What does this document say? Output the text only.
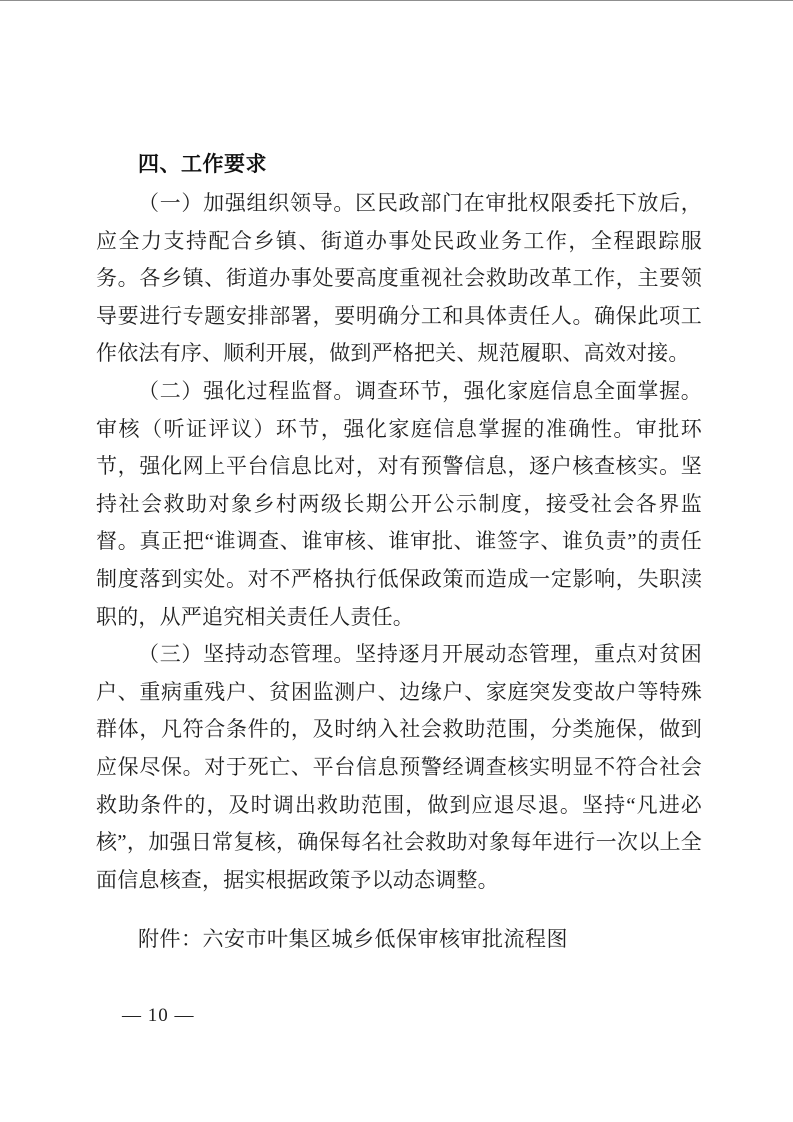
四、工作要求

（一）加强组织领导。区民政部门在审批权限委托下放后，应全力支持配合乡镇、街道办事处民政业务工作，全程跟踪服务。各乡镇、街道办事处要高度重视社会救助改革工作，主要领导要进行专题安排部署，要明确分工和具体责任人。确保此项工作依法有序、顺利开展，做到严格把关、规范履职、高效对接。

（二）强化过程监督。调查环节，强化家庭信息全面掌握。审核（听证评议）环节，强化家庭信息掌握的准确性。审批环节，强化网上平台信息比对，对有预警信息，逐户核查核实。坚持社会救助对象乡村两级长期公开公示制度，接受社会各界监督。真正把“谁调查、谁审核、谁审批、谁签字、谁负责”的责任制度落到实处。对不严格执行低保政策而造成一定影响，失职渎职的，从严追究相关责任人责任。

（三）坚持动态管理。坚持逐月开展动态管理，重点对贫困户、重病重残户、贫困监测户、边缘户、家庭突发变故户等特殊群体，凡符合条件的，及时纳入社会救助范围，分类施保，做到应保尽保。对于死亡、平台信息预警经调查核实明显不符合社会救助条件的，及时调出救助范围，做到应退尽退。坚持“凡进必核”，加强日常复核，确保每名社会救助对象每年进行一次以上全面信息核查，据实根据政策予以动态调整。

附件：六安市叶集区城乡低保审核审批流程图

— 10 —
